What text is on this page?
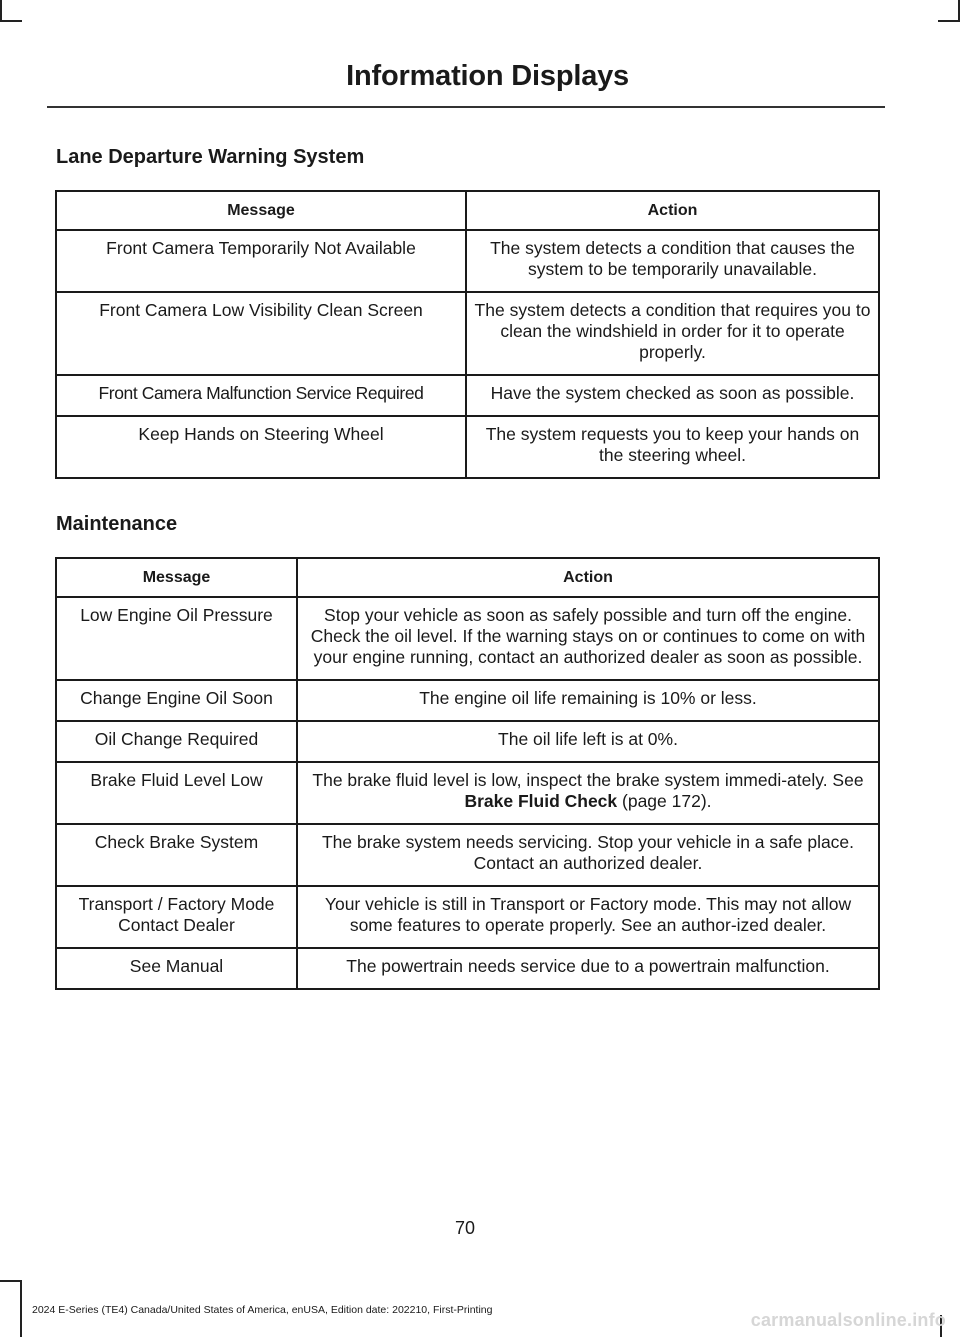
Information Displays
Lane Departure Warning System
Message	Action
Front Camera Temporarily Not Available	The system detects a condition that causes the system to be temporarily unavailable.
Front Camera Low Visibility Clean Screen	The system detects a condition that requires you to clean the windshield in order for it to operate properly.
Front Camera Malfunction Service Required	Have the system checked as soon as possible.
Keep Hands on Steering Wheel	The system requests you to keep your hands on the steering wheel.
Maintenance
Message	Action
Low Engine Oil Pressure	Stop your vehicle as soon as safely possible and turn off the engine. Check the oil level. If the warning stays on or continues to come on with your engine running, contact an authorized dealer as soon as possible.
Change Engine Oil Soon	The engine oil life remaining is 10% or less.
Oil Change Required	The oil life left is at 0%.
Brake Fluid Level Low	The brake fluid level is low, inspect the brake system immedi-ately. See Brake Fluid Check (page 172).
Check Brake System	The brake system needs servicing. Stop your vehicle in a safe place. Contact an authorized dealer.
Transport / Factory Mode Contact Dealer	Your vehicle is still in Transport or Factory mode. This may not allow some features to operate properly. See an author-ized dealer.
See Manual	The powertrain needs service due to a powertrain malfunction.
70
2024 E-Series (TE4) Canada/United States of America, enUSA, Edition date: 202210, First-Printing	carmanualsonline.info
